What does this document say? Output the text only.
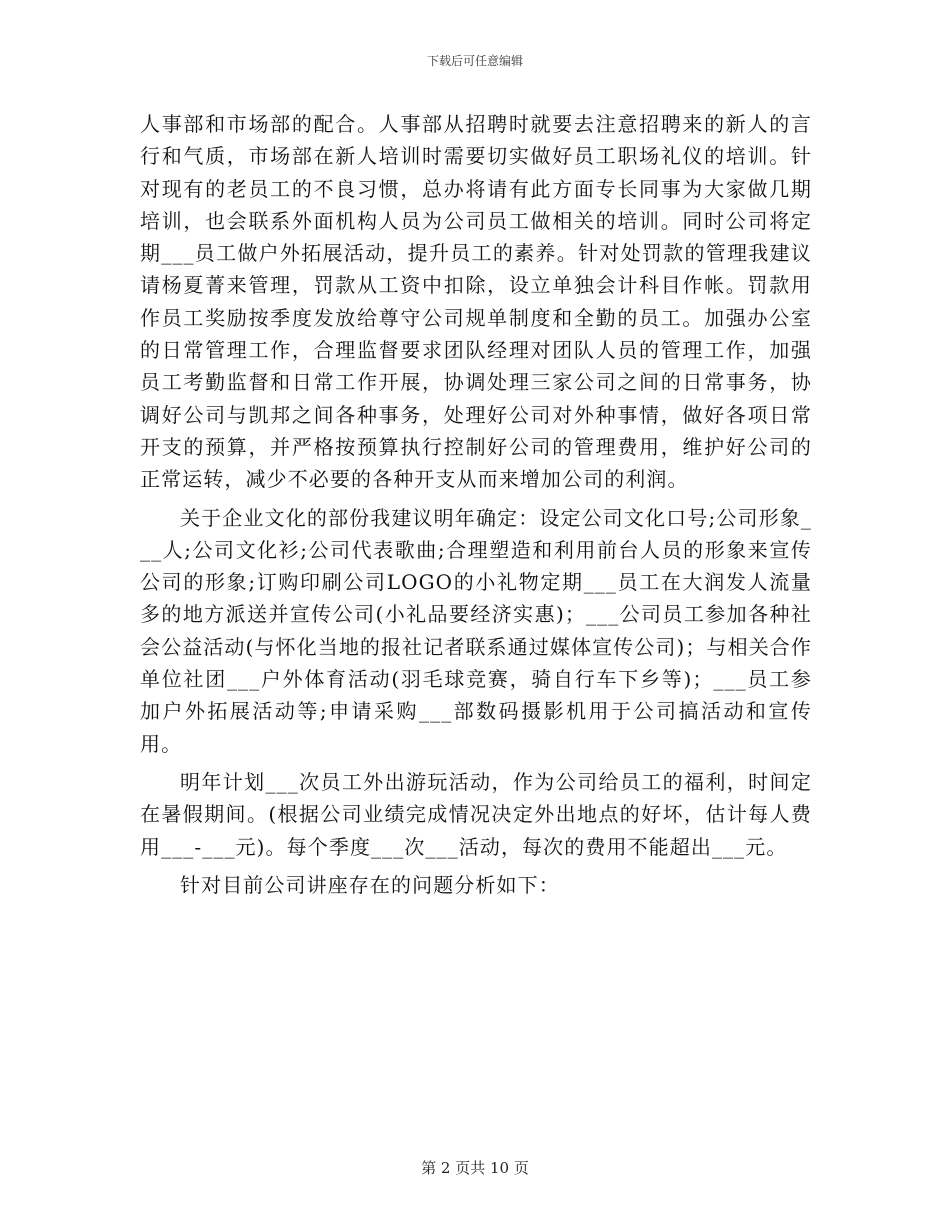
下载后可任意编辑

人事部和市场部的配合。人事部从招聘时就要去注意招聘来的新人的言行和气质，市场部在新人培训时需要切实做好员工职场礼仪的培训。针对现有的老员工的不良习惯，总办将请有此方面专长同事为大家做几期培训，也会联系外面机构人员为公司员工做相关的培训。同时公司将定期___员工做户外拓展活动，提升员工的素养。针对处罚款的管理我建议请杨夏菁来管理，罚款从工资中扣除，设立单独会计科目作帐。罚款用作员工奖励按季度发放给尊守公司规单制度和全勤的员工。加强办公室的日常管理工作，合理监督要求团队经理对团队人员的管理工作，加强员工考勤监督和日常工作开展，协调处理三家公司之间的日常事务，协调好公司与凯邦之间各种事务，处理好公司对外种事情，做好各项日常开支的预算，并严格按预算执行控制好公司的管理费用，维护好公司的正常运转，减少不必要的各种开支从而来增加公司的利润。

关于企业文化的部份我建议明年确定：设定公司文化口号;公司形象___人;公司文化衫;公司代表歌曲;合理塑造和利用前台人员的形象来宣传公司的形象;订购印刷公司LOGO的小礼物定期___员工在大润发人流量多的地方派送并宣传公司(小礼品要经济实惠)；___公司员工参加各种社会公益活动(与怀化当地的报社记者联系通过媒体宣传公司)；与相关合作单位社团___户外体育活动(羽毛球竞赛，骑自行车下乡等)；___员工参加户外拓展活动等;申请采购___部数码摄影机用于公司搞活动和宣传用。

明年计划___次员工外出游玩活动，作为公司给员工的福利，时间定在暑假期间。(根据公司业绩完成情况决定外出地点的好坏，估计每人费用___-___元)。每个季度___次___活动，每次的费用不能超出___元。

针对目前公司讲座存在的问题分析如下：

第 2 页共 10 页
